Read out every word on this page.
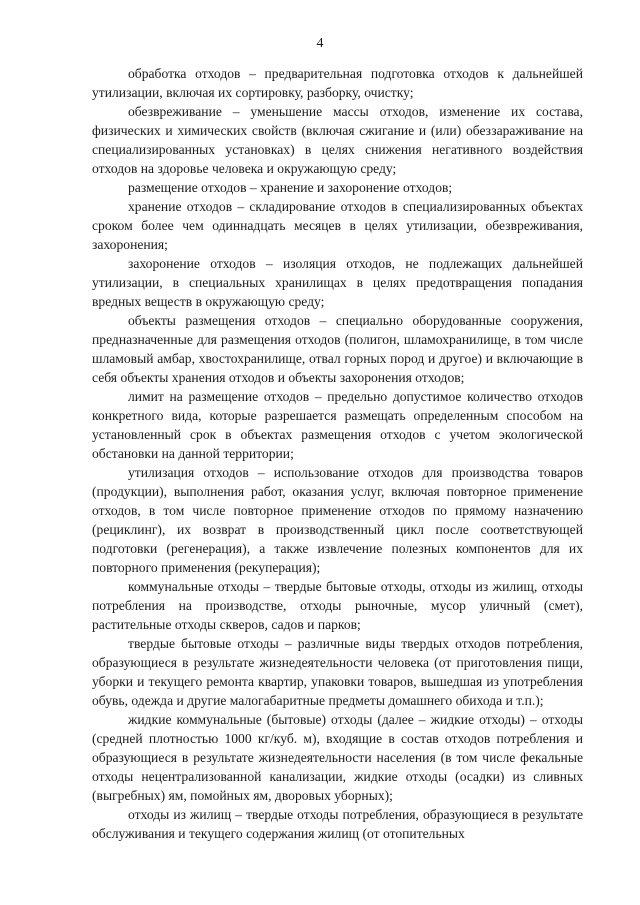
4

обработка отходов – предварительная подготовка отходов к дальнейшей утилизации, включая их сортировку, разборку, очистку;

обезвреживание – уменьшение массы отходов, изменение их состава, физических и химических свойств (включая сжигание и (или) обеззараживание на специализированных установках) в целях снижения негативного воздействия отходов на здоровье человека и окружающую среду;

размещение отходов – хранение и захоронение отходов;

хранение отходов – складирование отходов в специализированных объектах сроком более чем одиннадцать месяцев в целях утилизации, обезвреживания, захоронения;

захоронение отходов – изоляция отходов, не подлежащих дальнейшей утилизации, в специальных хранилищах в целях предотвращения попадания вредных веществ в окружающую среду;

объекты размещения отходов – специально оборудованные сооружения, предназначенные для размещения отходов (полигон, шламохранилище, в том числе шламовый амбар, хвостохранилище, отвал горных пород и другое) и включающие в себя объекты хранения отходов и объекты захоронения отходов;

лимит на размещение отходов – предельно допустимое количество отходов конкретного вида, которые разрешается размещать определенным способом на установленный срок в объектах размещения отходов с учетом экологической обстановки на данной территории;

утилизация отходов – использование отходов для производства товаров (продукции), выполнения работ, оказания услуг, включая повторное применение отходов, в том числе повторное применение отходов по прямому назначению (рециклинг), их возврат в производственный цикл после соответствующей подготовки (регенерация), а также извлечение полезных компонентов для их повторного применения (рекуперация);

коммунальные отходы – твердые бытовые отходы, отходы из жилищ, отходы потребления на производстве, отходы рыночные, мусор уличный (смет), растительные отходы скверов, садов и парков;

твердые бытовые отходы – различные виды твердых отходов потребления, образующиеся в результате жизнедеятельности человека (от приготовления пищи, уборки и текущего ремонта квартир, упаковки товаров, вышедшая из употребления обувь, одежда и другие малогабаритные предметы домашнего обихода и т.п.);

жидкие коммунальные (бытовые) отходы (далее – жидкие отходы) – отходы (средней плотностью 1000 кг/куб. м), входящие в состав отходов потребления и образующиеся в результате жизнедеятельности населения (в том числе фекальные отходы нецентрализованной канализации, жидкие отходы (осадки) из сливных (выгребных) ям, помойных ям, дворовых уборных);

отходы из жилищ – твердые отходы потребления, образующиеся в результате обслуживания и текущего содержания жилищ (от отопительных
